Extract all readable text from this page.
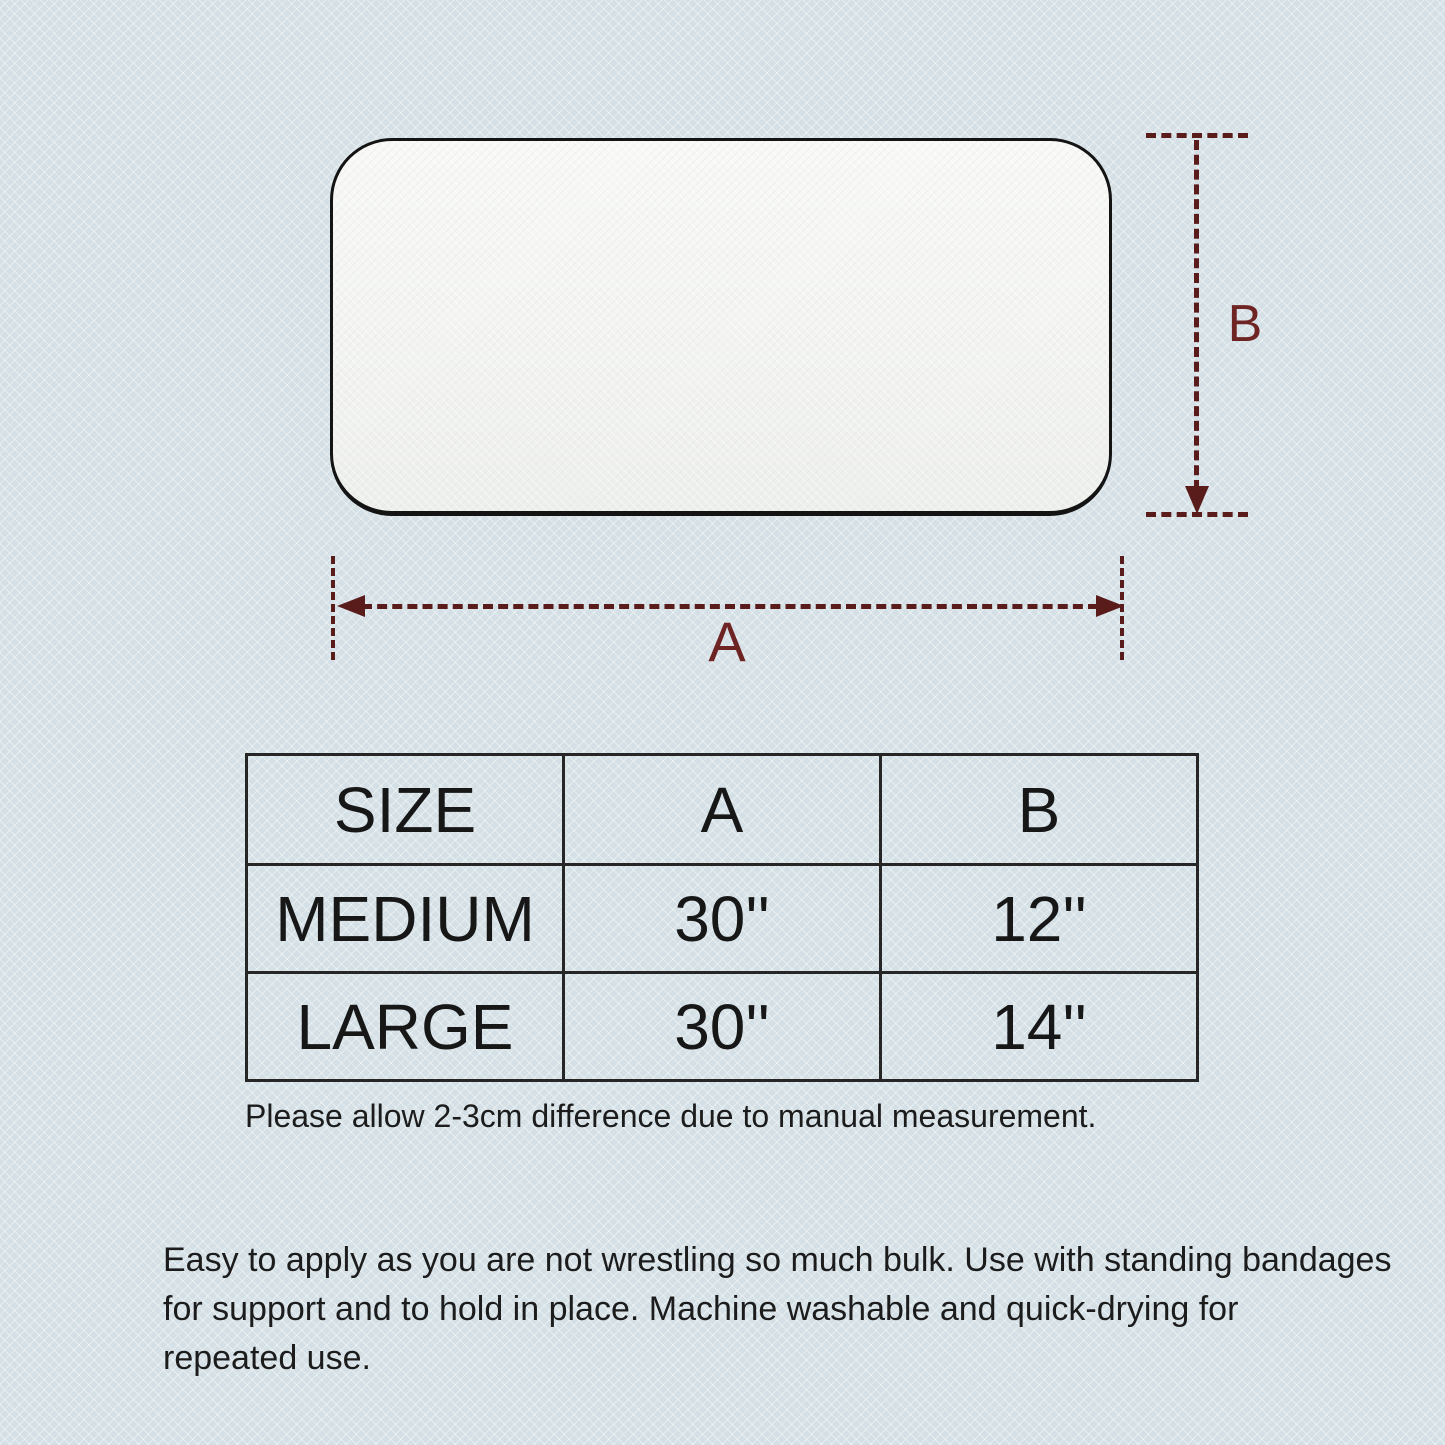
B
A
SIZE	A	B
MEDIUM	30''	12''
LARGE	30''	14''
Please allow 2-3cm difference due to manual measurement.
Easy to apply as you are not wrestling so much bulk. Use with standing bandages
for support and to hold in place. Machine washable and quick-drying for
repeated use.
